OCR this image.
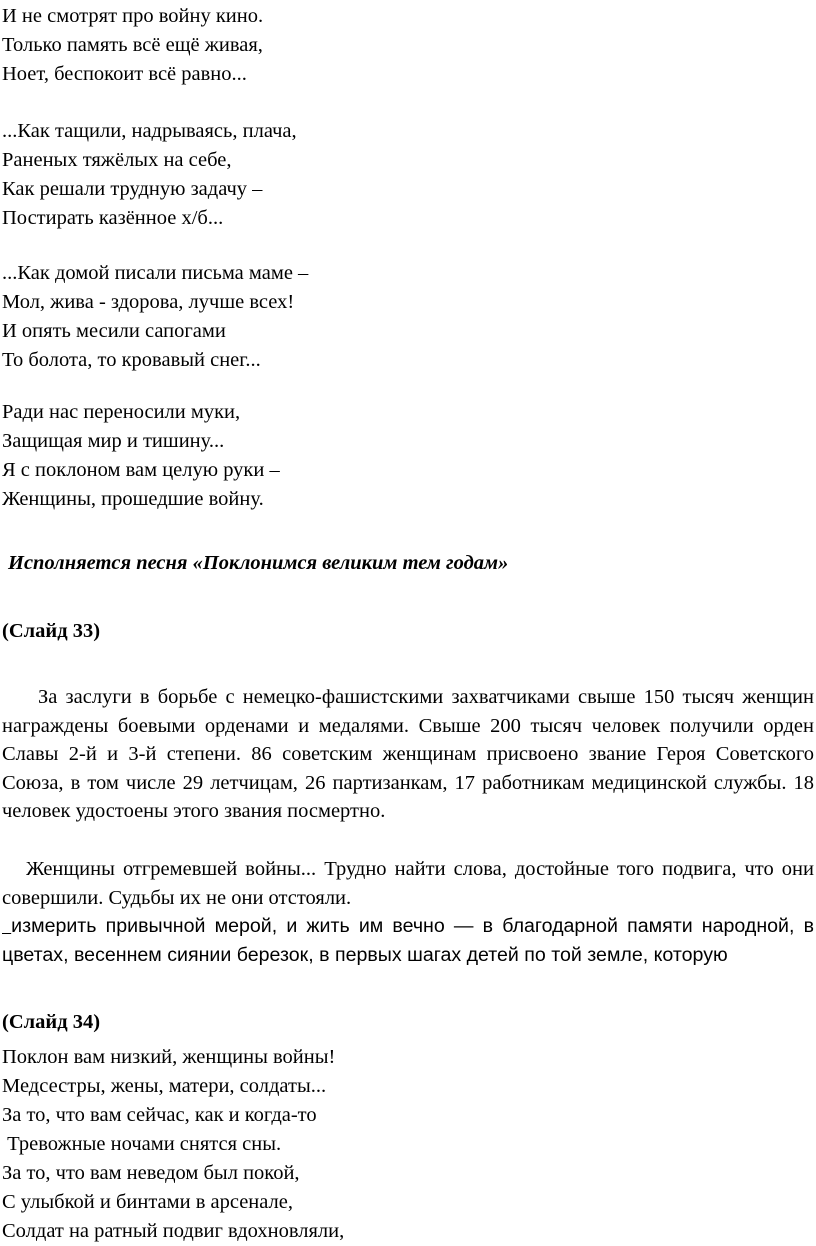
И не смотрят про войну кино.
Только память всё ещё живая,
Ноет, беспокоит всё равно...
...Как тащили, надрываясь, плача,
Раненых тяжёлых на себе,
Как решали трудную задачу –
Постирать казённое х/б...
...Как домой писали письма маме –
Мол, жива - здорова, лучше всех!
И опять месили сапогами
То болота, то кровавый снег...
Ради нас переносили муки,
Защищая мир и тишину...
Я с поклоном вам целую руки –
Женщины, прошедшие войну.
Исполняется песня «Поклонимся великим тем годам»
(Слайд 33)
За заслуги в борьбе с немецко-фашистскими захватчиками свыше 150 тысяч женщин награждены боевыми орденами и медалями. Свыше 200 тысяч человек получили орден Славы 2-й и 3-й степени. 86 советским женщинам присвоено звание Героя Советского Союза, в том числе 29 летчицам, 26 партизанкам, 17 работникам медицинской службы. 18 человек удостоены этого звания посмертно.
Женщины отгремевшей войны... Трудно найти слова, достойные того подвига, что они совершили. Судьбы их не они отстояли.
измерить привычной мерой, и жить им вечно — в благодарной памяти народной, в цветах, весеннем сиянии березок, в первых шагах детей по той земле, которую
(Слайд 34)
Поклон вам низкий, женщины войны!
Медсестры, жены, матери, солдаты...
За то, что вам сейчас, как и когда-то
Тревожные ночами снятся сны.
За то, что вам неведом был покой,
С улыбкой и бинтами в арсенале,
Солдат на ратный подвиг вдохновляли,
